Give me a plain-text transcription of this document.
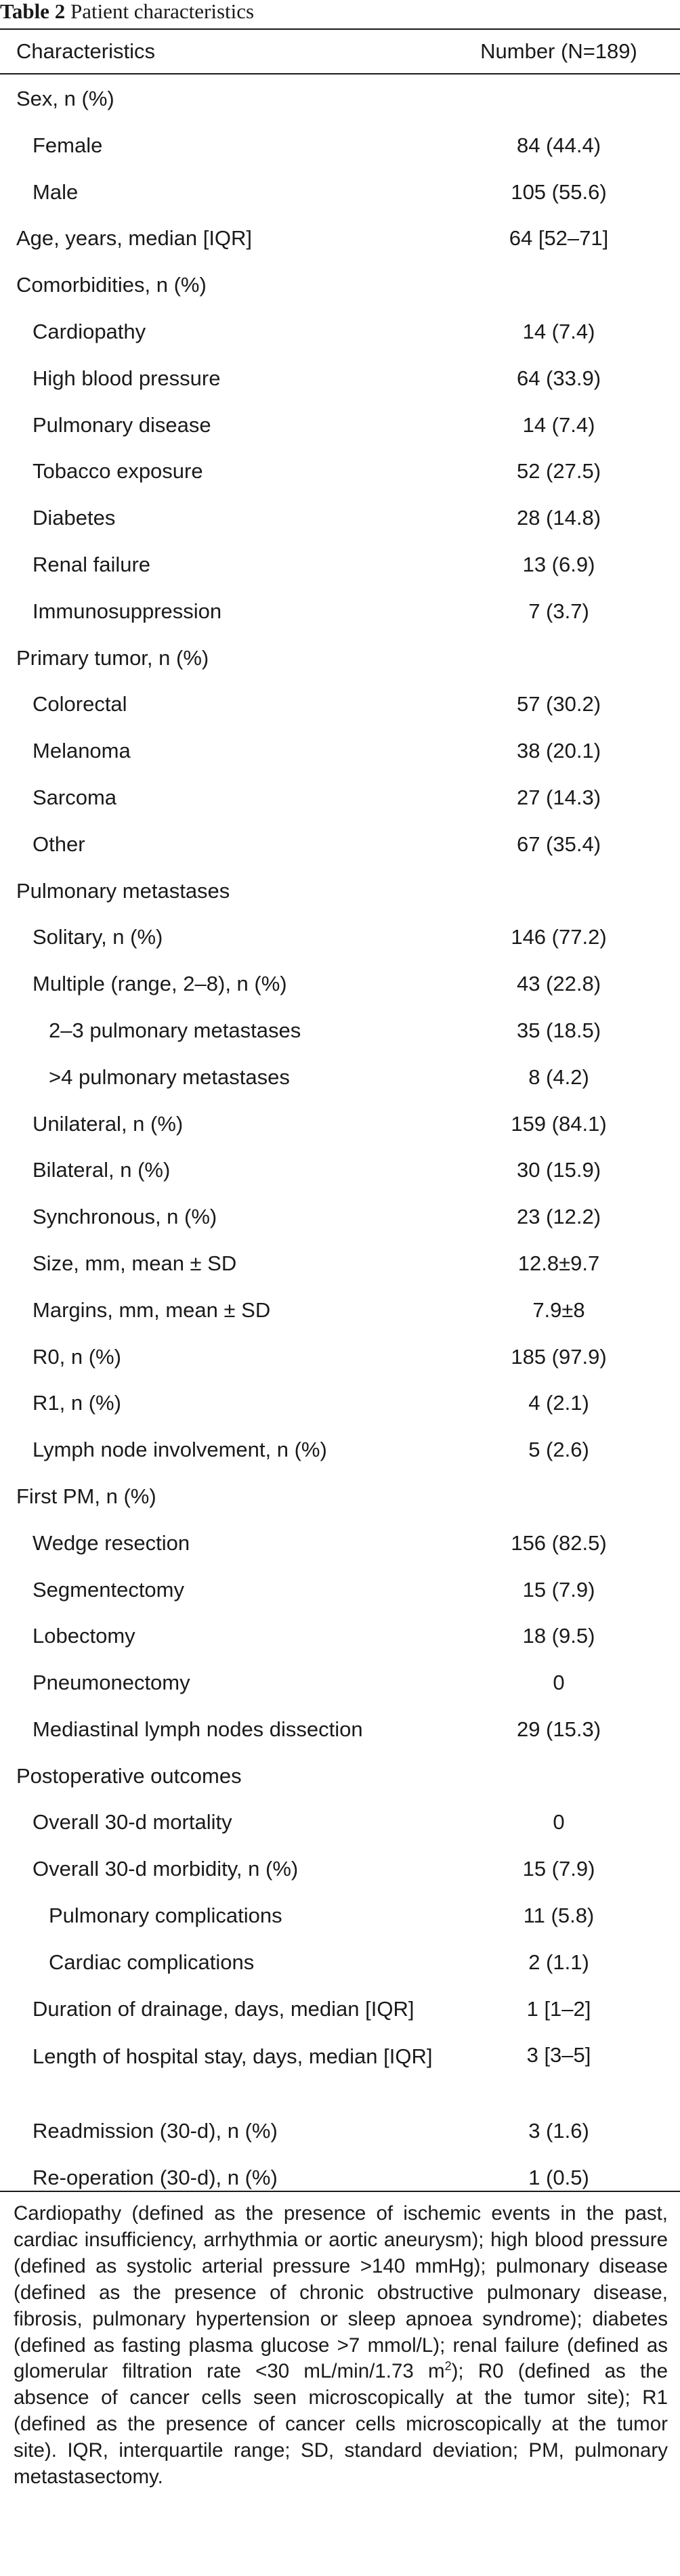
Table 2 Patient characteristics
Characteristics	Number (N=189)
Sex, n (%)
Female	84 (44.4)
Male	105 (55.6)
Age, years, median [IQR]	64 [52–71]
Comorbidities, n (%)
Cardiopathy	14 (7.4)
High blood pressure	64 (33.9)
Pulmonary disease	14 (7.4)
Tobacco exposure	52 (27.5)
Diabetes	28 (14.8)
Renal failure	13 (6.9)
Immunosuppression	7 (3.7)
Primary tumor, n (%)
Colorectal	57 (30.2)
Melanoma	38 (20.1)
Sarcoma	27 (14.3)
Other	67 (35.4)
Pulmonary metastases
Solitary, n (%)	146 (77.2)
Multiple (range, 2–8), n (%)	43 (22.8)
2–3 pulmonary metastases	35 (18.5)
>4 pulmonary metastases	8 (4.2)
Unilateral, n (%)	159 (84.1)
Bilateral, n (%)	30 (15.9)
Synchronous, n (%)	23 (12.2)
Size, mm, mean ± SD	12.8±9.7
Margins, mm, mean ± SD	7.9±8
R0, n (%)	185 (97.9)
R1, n (%)	4 (2.1)
Lymph node involvement, n (%)	5 (2.6)
First PM, n (%)
Wedge resection	156 (82.5)
Segmentectomy	15 (7.9)
Lobectomy	18 (9.5)
Pneumonectomy	0
Mediastinal lymph nodes dissection	29 (15.3)
Postoperative outcomes
Overall 30-d mortality	0
Overall 30-d morbidity, n (%)	15 (7.9)
Pulmonary complications	11 (5.8)
Cardiac complications	2 (1.1)
Duration of drainage, days, median [IQR]	1 [1–2]
Length of hospital stay, days, median [IQR]	3 [3–5]
Readmission (30-d), n (%)	3 (1.6)
Re-operation (30-d), n (%)	1 (0.5)
Cardiopathy (defined as the presence of ischemic events in the past, cardiac insufficiency, arrhythmia or aortic aneurysm); high blood pressure (defined as systolic arterial pressure >140 mmHg); pulmonary disease (defined as the presence of chronic obstructive pulmonary disease, fibrosis, pulmonary hypertension or sleep apnoea syndrome); diabetes (defined as fasting plasma glucose >7 mmol/L); renal failure (defined as glomerular filtration rate <30 mL/min/1.73 $m^2$); R0 (defined as the absence of cancer cells seen microscopically at the tumor site); R1 (defined as the presence of cancer cells microscopically at the tumor site). IQR, interquartile range; SD, standard deviation; PM, pulmonary metastasectomy.
